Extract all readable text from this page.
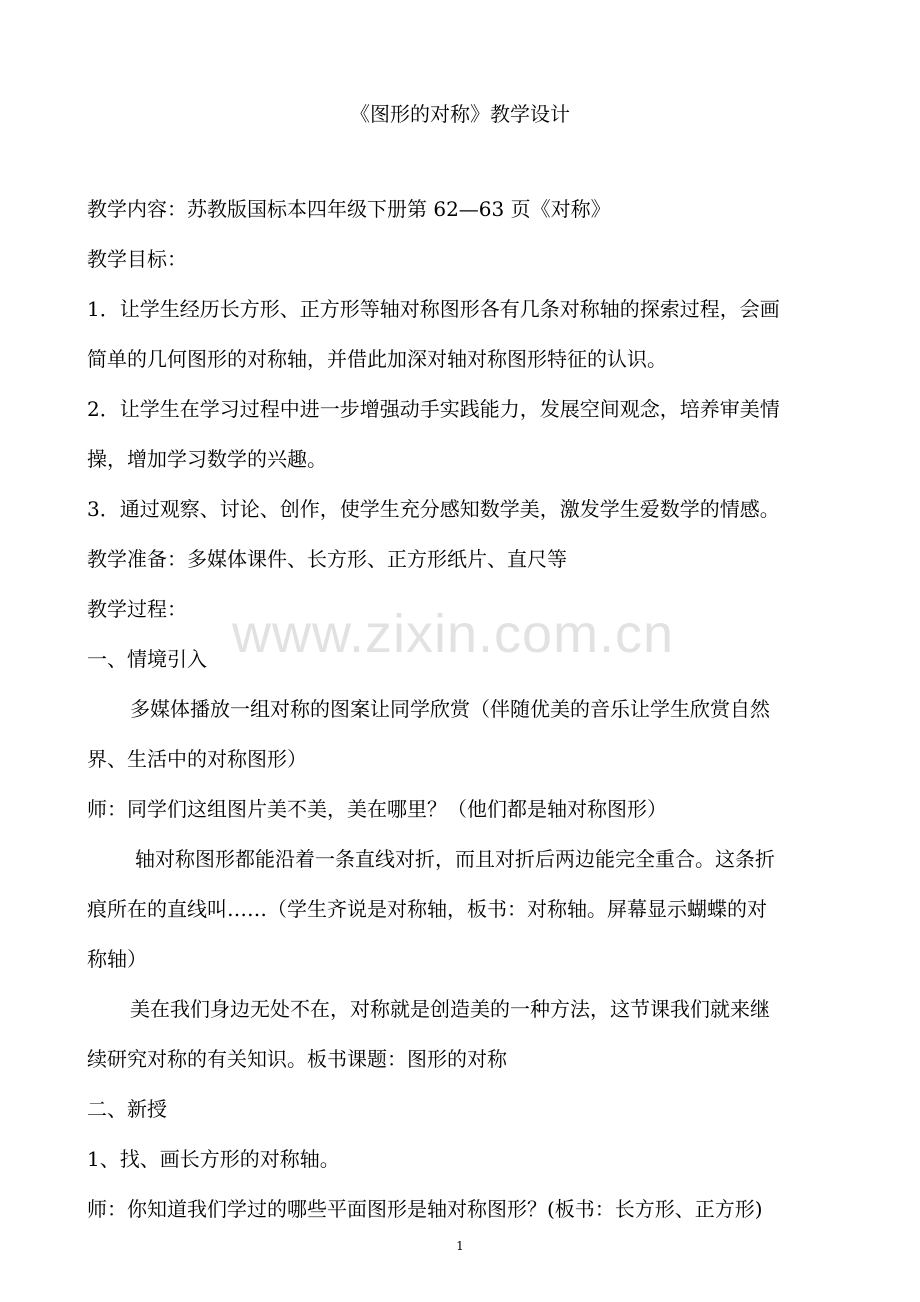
《图形的对称》教学设计
教学内容：苏教版国标本四年级下册第 62—63 页《对称》
教学目标：
1．让学生经历长方形、正方形等轴对称图形各有几条对称轴的探索过程，会画
简单的几何图形的对称轴，并借此加深对轴对称图形特征的认识。
2．让学生在学习过程中进一步增强动手实践能力，发展空间观念，培养审美情
操，增加学习数学的兴趣。
3．通过观察、讨论、创作，使学生充分感知数学美，激发学生爱数学的情感。
教学准备：多媒体课件、长方形、正方形纸片、直尺等
教学过程：
一、情境引入
多媒体播放一组对称的图案让同学欣赏（伴随优美的音乐让学生欣赏自然
界、生活中的对称图形）
师：同学们这组图片美不美，美在哪里？（他们都是轴对称图形）
轴对称图形都能沿着一条直线对折，而且对折后两边能完全重合。这条折
痕所在的直线叫……（学生齐说是对称轴，板书：对称轴。屏幕显示蝴蝶的对
称轴）
美在我们身边无处不在，对称就是创造美的一种方法，这节课我们就来继
续研究对称的有关知识。板书课题：图形的对称
二、新授
1、找、画长方形的对称轴。
师：你知道我们学过的哪些平面图形是轴对称图形？(板书：长方形、正方形)
www.zixin.com.cn
1
